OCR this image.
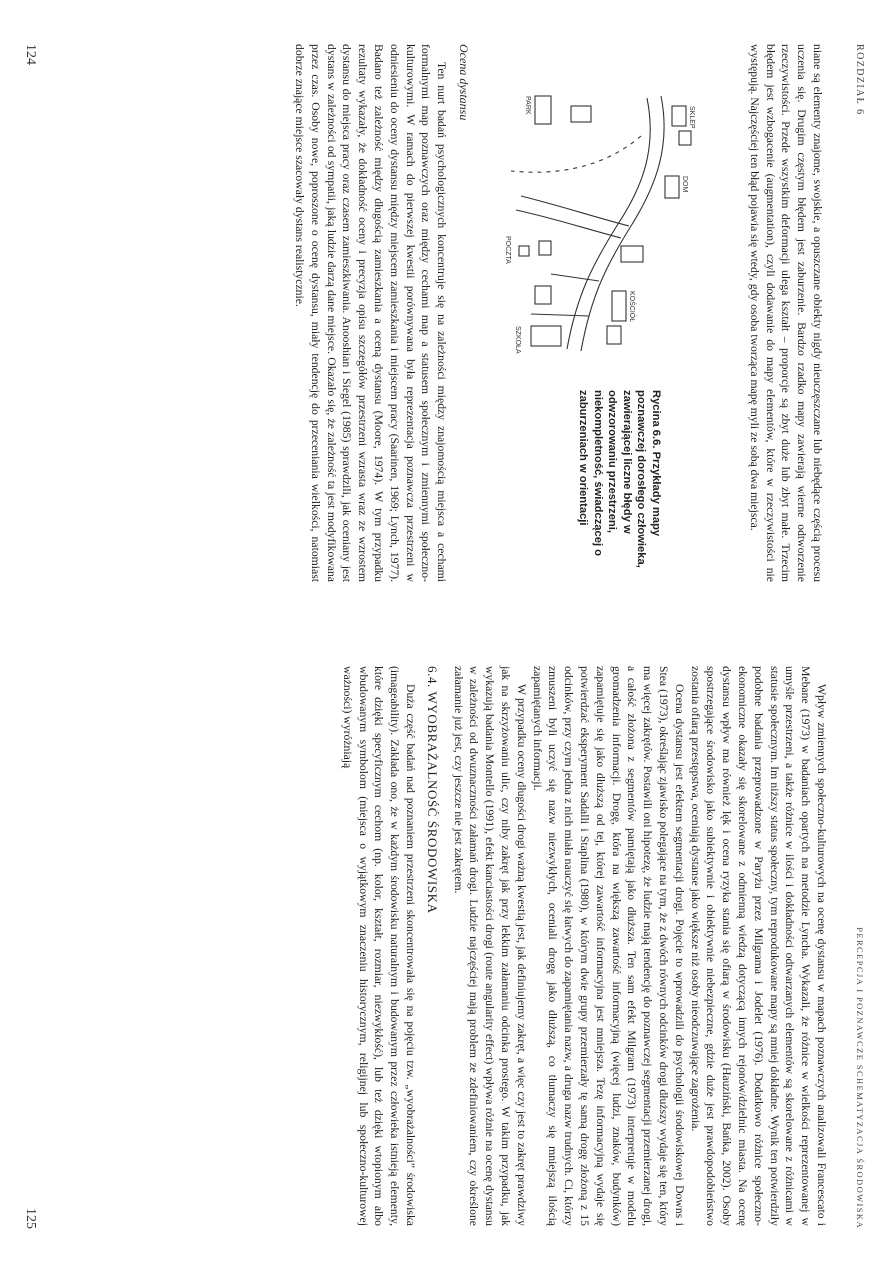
ROZDZIAŁ 6

niane są elementy znajome, swojskie, a opuszczane obiekty nigdy nieuczęszczane lub niebędące częścią procesu uczenia się. Drugim częstym błędem jest zaburzenie. Bardzo rzadko mapy zawierają wierne odtworzenie rzeczywistości. Przede wszystkim deformacji ulega kształt – proporcje są zbyt duże lub zbyt małe. Trzecim błędem jest wzbogacenie (augmentation), czyli dodawanie do mapy elementów, które w rzeczywistości nie występują. Najczęściej ten błąd pojawia się wtedy, gdy osoba tworząca mapę myli ze sobą dwa miejsca.

SKLEP
DOM
KOŚCIÓŁ
PARK
SZKOŁA
POCZTA
Rycina 6.6. Przykłady mapy poznawczej dorosłego człowieka, zawierającej liczne błędy w odwzorowaniu przestrzeni, niekompletność, świadczącej o zaburzeniach w orientacji
Ocena dystansu

Ten nurt badań psychologicznych koncentruje się na zależności między znajomością miejsca a cechami formalnymi map poznawczych oraz między cechami map a statusem społecznym i zmiennymi społeczno-kulturowymi. W ramach do pierwszej kwestii porównywana była reprezentacja poznawcza przestrzeni w odniesieniu do oceny dystansu między miejscem zamieszkania i miejscem pracy (Saarinen, 1969; Lynch, 1977). Badano też zależność między długością zamieszkania a oceną dystansu (Moore, 1974). W tym przypadku rezultaty wykazały, że dokładność oceny i precyzja opisu szczegółów przestrzeni wzrasta wraz ze wzrostem dystansu do miejsca pracy oraz czasem zamieszkiwania. Anooshian i Siegel (1985) sprawdzili, jak oceniany jest dystans w zależności od sympatii, jaką ludzie darzą dane miejsce. Okazało się, że zależność ta jest modyfikowana przez czas. Osoby nowe, poproszone o ocenę dystansu, miały tendencję do przeceniania wielkości, natomiast dobrze znające miejsce szacowały dystans realistycznie.

124
PERCEPCJA I POZNAWCZE SCHEMATYZACJA ŚRODOWISKA

Wpływ zmiennych społeczno-kulturowych na ocenę dystansu w mapach poznawczych analizowali Francescato i Mebane (1973) w badaniach opartych na metodzie Lyncha. Wykazali, że różnice w wielkości reprezentowanej w umyśle przestrzeni, a także różnice w ilości i dokładności odtwarzanych elementów są skorelowane z różnicami w statusie społecznym. Im niższy status społeczny, tym reprodukowane mapy są mniej dokładne. Wynik ten potwierdziły podobne badania przeprowadzone w Paryżu przez Milgrama i Jodelet (1976). Dodatkowo różnice społeczno-ekonomiczne okazały się skorelowane z odmienną wiedzą dotyczącą innych rejonów/dzielnic miasta. Na ocenę dystansu wpływ ma również lęk i ocena ryzyka stania się ofiarą w środowisku (Hauziński, Bańka, 2002). Osoby spostrzegające środowisko jako subiektywnie i obiektywnie niebezpieczne, gdzie duże jest prawdopodobieństwo zostania ofiarą przestępstwa, oceniają dystanse jako większe niż osoby nieodczuwające zagrożenia.

Ocena dystansu jest efektem segmentacji drogi. Pojęcie to wprowadzili do psychologii środowiskowej Downs i Stea (1973), określając zjawisko polegające na tym, że z dwóch równych odcinków drogi dłuższy wydaje się ten, który ma więcej zakrętów. Postawili oni hipotezę, że ludzie mają tendencję do poznawczej segmentacji przemierzanej drogi, a całość złożona z segmentów pamiętają jako dłuższa. Ten sam efekt Milgram (1973) interpretuje w modelu gromadzenia informacji. Drogę, która na większą zawartość informacyjną (więcej ludzi, znaków, budynków) zapamiętuje się jako dłuższą od tej, której zawartość informacyjna jest mniejsza. Tezę informacyjną wydaje się potwierdzać eksperyment Sadalli i Staplina (1980), w którym dwie grupy przemierzały tę samą drogę złożoną z 15 odcinków, przy czym jedna z nich miała nauczyć się łatwych do zapamiętania nazw, a druga nazw trudnych. Ci, którzy zmuszeni byli uczyć się nazw niezwykłych, oceniali drogę jako dłuższą, co tłumaczy się mniejszą ilością zapamiętanych informacji.

W przypadku oceny długości drogi ważną kwestią jest, jak definiujemy zakręt, a więc czy jest to zakręt prawdziwy jak na skrzyżowaniu ulic, czy niby zakręt jak przy lekkim załamaniu odcinka prostego. W takim przypadku, jak wykazują badania Montello (1991), efekt kanciastości drogi (route angularity effect) wpływa różnie na ocenę dystansu w zależności od dwuznaczności załamań drogi. Ludzie najczęściej mają problem ze zdefiniowaniem, czy określone załamanie już jest, czy jeszcze nie jest zakrętem.

6.4. WYOBRAŻALNOŚĆ ŚRODOWISKA

Duża część badań nad poznaniem przestrzeni skoncentrowała się na pojęciu tzw. „wyobrażalności” środowiska (imageability). Zakłada ono, że w każdym środowisku naturalnym i budowanym przez człowieka istnieją elementy, które dzięki specyficznym cechom (np. kolor, kształt, rozmiar, niezwykłość), lub też dzięki wtopionym albo wbudowanym symbolom (miejsca o wyjątkowym znaczeniu historycznym, religijnej lub społeczno-kulturowej ważności) wyróżniają

125
